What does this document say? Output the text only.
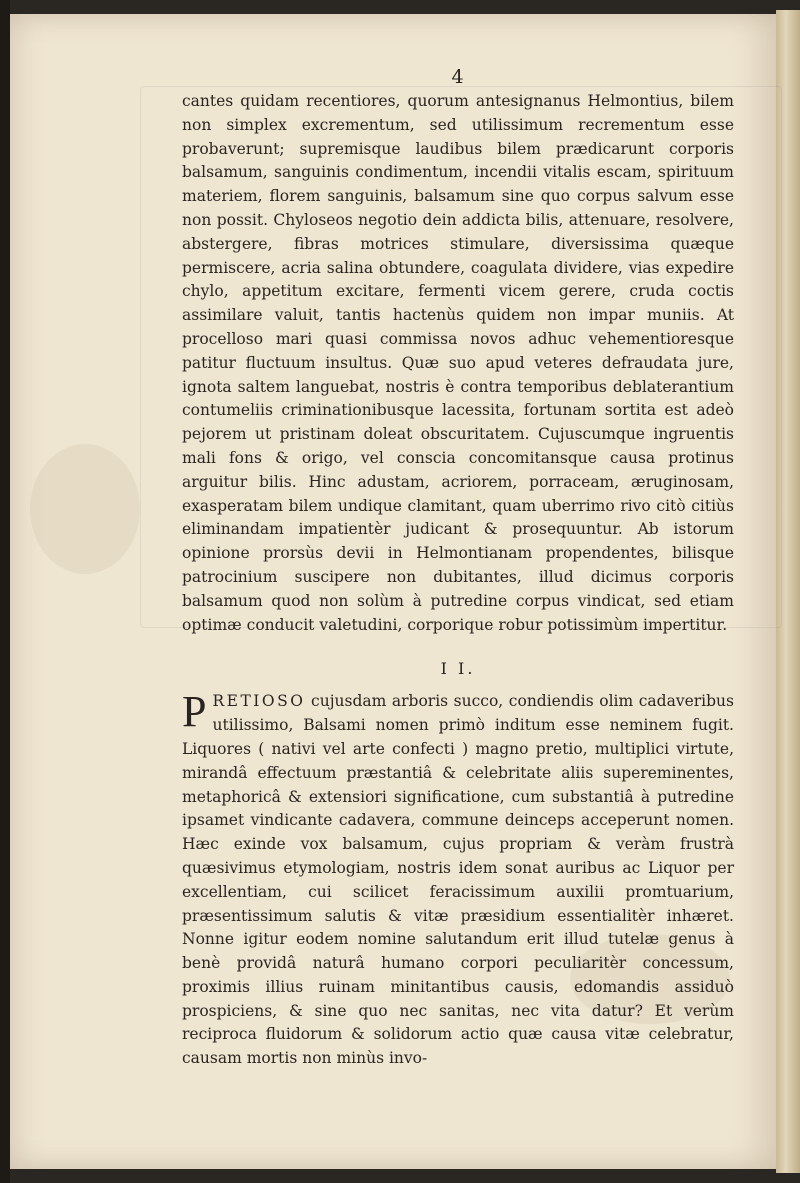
4

cantes quidam recentiores, quorum antesignanus Helmontius, bilem non simplex excrementum, sed utilissimum recrementum esse probaverunt; supremisque laudibus bilem prædicarunt corporis balsamum, sanguinis condimentum, incendii vitalis escam, spirituum materiem, florem sanguinis, balsamum sine quo corpus salvum esse non possit. Chyloseos negotio dein addicta bilis, attenuare, resolvere, abstergere, fibras motrices stimulare, diversissima quæque permiscere, acria salina obtundere, coagulata dividere, vias expedire chylo, appetitum excitare, fermenti vicem gerere, cruda coctis assimilare valuit, tantis hactenùs quidem non impar muniis. At procelloso mari quasi commissa novos adhuc vehementioresque patitur fluctuum insultus. Quæ suo apud veteres defraudata jure, ignota saltem languebat, nostris è contra temporibus deblaterantium contumeliis criminationibusque lacessita, fortunam sortita est adeò pejorem ut pristinam doleat obscuritatem. Cujuscumque ingruentis mali fons & origo, vel conscia concomitansque causa protinus arguitur bilis. Hinc adustam, acriorem, porraceam, æruginosam, exasperatam bilem undique clamitant, quam uberrimo rivo citò citiùs eliminandam impatientèr judicant & prosequuntur. Ab istorum opinione prorsùs devii in Helmontianam propendentes, bilisque patrocinium suscipere non dubitantes, illud dicimus corporis balsamum quod non solùm à putredine corpus vindicat, sed etiam optimæ conducit valetudini, corporique robur potissimùm impertitur.

I I.

PRETIOSO cujusdam arboris succo, condiendis olim cadaveribus utilissimo, Balsami nomen primò inditum esse neminem fugit. Liquores ( nativi vel arte confecti ) magno pretio, multiplici virtute, mirandâ effectuum præstantiâ & celebritate aliis supereminentes, metaphoricâ & extensiori significatione, cum substantiâ à putredine ipsamet vindicante cadavera, commune deinceps acceperunt nomen. Hæc exinde vox balsamum, cujus propriam & veràm frustrà quæsivimus etymologiam, nostris idem sonat auribus ac Liquor per excellentiam, cui scilicet feracissimum auxilii promtuarium, præsentissimum salutis & vitæ præsidium essentialitèr inhæret. Nonne igitur eodem nomine salutandum erit illud tutelæ genus à benè providâ naturâ humano corpori peculiaritèr concessum, proximis illius ruinam minitantibus causis, edomandis assiduò prospiciens, & sine quo nec sanitas, nec vita datur? Et verùm reciproca fluidorum & solidorum actio quæ causa vitæ celebratur, causam mortis non minùs invo-
